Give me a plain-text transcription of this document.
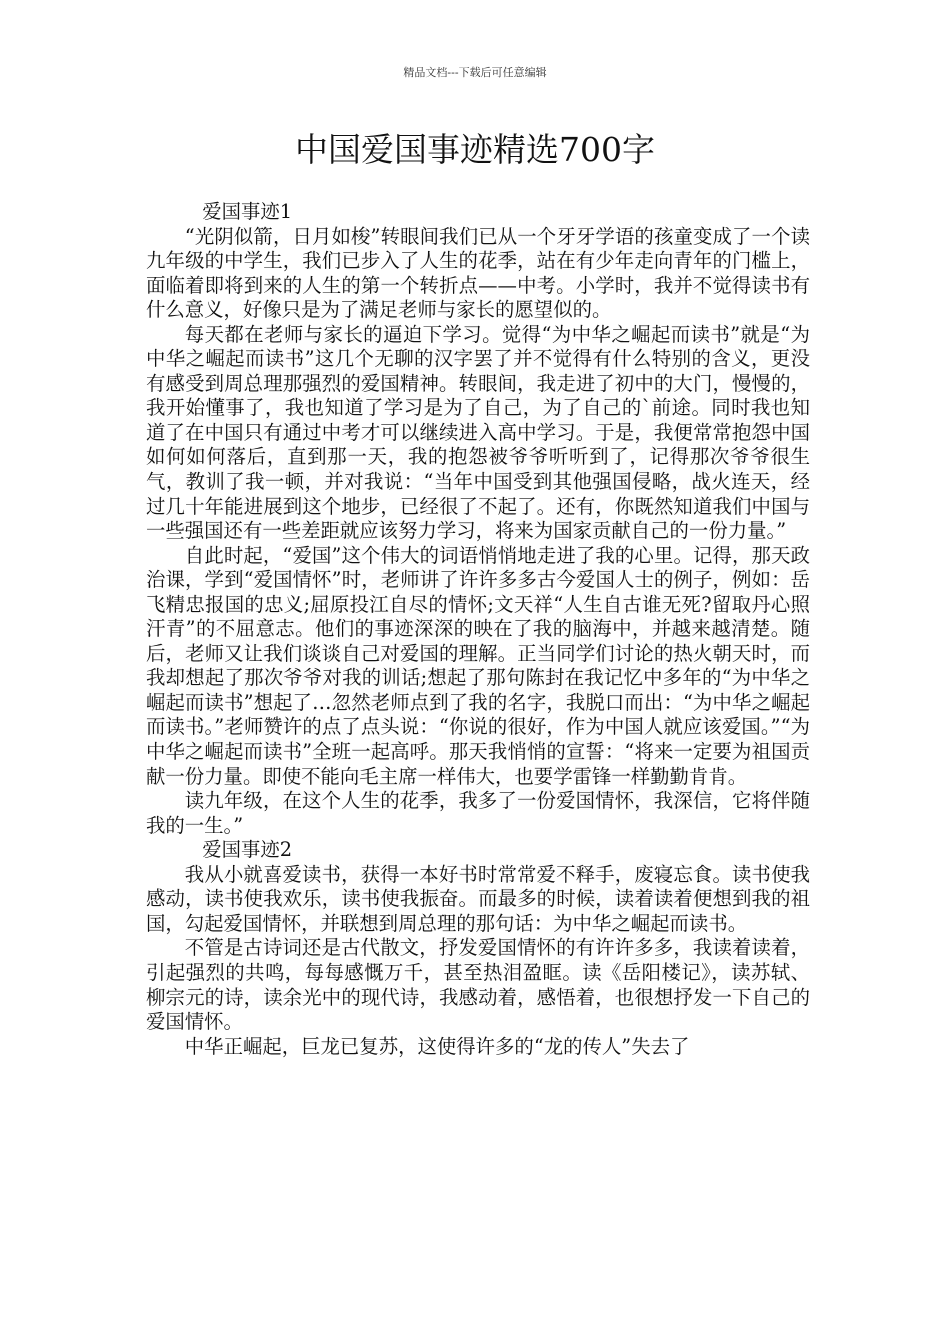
精品文档---下载后可任意编辑
中国爱国事迹精选700字
爱国事迹1

“光阴似箭，日月如梭”转眼间我们已从一个牙牙学语的孩童变成了一个读九年级的中学生，我们已步入了人生的花季，站在有少年走向青年的门槛上，面临着即将到来的人生的第一个转折点——中考。小学时，我并不觉得读书有什么意义，好像只是为了满足老师与家长的愿望似的。

每天都在老师与家长的逼迫下学习。觉得“为中华之崛起而读书”就是“为中华之崛起而读书”这几个无聊的汉字罢了并不觉得有什么特别的含义，更没有感受到周总理那强烈的爱国精神。转眼间，我走进了初中的大门，慢慢的，我开始懂事了，我也知道了学习是为了自己，为了自己的`前途。同时我也知道了在中国只有通过中考才可以继续进入高中学习。于是，我便常常抱怨中国如何如何落后，直到那一天，我的抱怨被爷爷听听到了，记得那次爷爷很生气，教训了我一顿，并对我说：“当年中国受到其他强国侵略，战火连天，经过几十年能进展到这个地步，已经很了不起了。还有，你既然知道我们中国与一些强国还有一些差距就应该努力学习，将来为国家贡献自己的一份力量。”

自此时起，“爱国”这个伟大的词语悄悄地走进了我的心里。记得，那天政治课，学到“爱国情怀”时，老师讲了许许多多古今爱国人士的例子，例如：岳飞精忠报国的忠义;屈原投江自尽的情怀;文天祥“人生自古谁无死?留取丹心照汗青”的不屈意志。他们的事迹深深的映在了我的脑海中，并越来越清楚。随后，老师又让我们谈谈自己对爱国的理解。正当同学们讨论的热火朝天时，而我却想起了那次爷爷对我的训话;想起了那句陈封在我记忆中多年的“为中华之崛起而读书”想起了…忽然老师点到了我的名字，我脱口而出：“为中华之崛起而读书。”老师赞许的点了点头说：“你说的很好，作为中国人就应该爱国。”“为中华之崛起而读书”全班一起高呼。那天我悄悄的宣誓：“将来一定要为祖国贡献一份力量。即使不能向毛主席一样伟大，也要学雷锋一样勤勤肯肯。

读九年级，在这个人生的花季，我多了一份爱国情怀，我深信，它将伴随我的一生。”

爱国事迹2

我从小就喜爱读书，获得一本好书时常常爱不释手，废寝忘食。读书使我感动，读书使我欢乐，读书使我振奋。而最多的时候，读着读着便想到我的祖国，勾起爱国情怀，并联想到周总理的那句话：为中华之崛起而读书。

不管是古诗词还是古代散文，抒发爱国情怀的有许许多多，我读着读着，引起强烈的共鸣，每每感慨万千，甚至热泪盈眶。读《岳阳楼记》，读苏轼、柳宗元的诗，读余光中的现代诗，我感动着，感悟着，也很想抒发一下自己的爱国情怀。

中华正崛起，巨龙已复苏，这使得许多的“龙的传人”失去了
